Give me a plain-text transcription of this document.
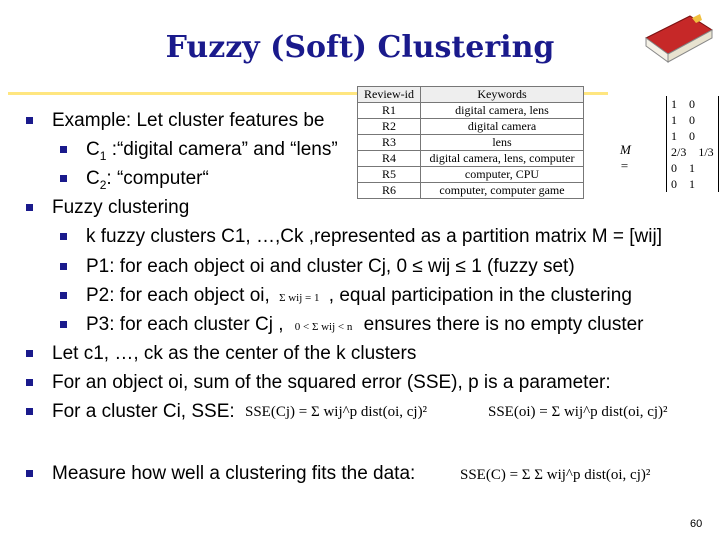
Fuzzy (Soft) Clustering
Example: Let cluster features be
$C_1$ :“digital camera” and “lens”
$C_2$: “computer“
Review-id	Keywords
R1	digital camera, lens
R2	digital camera
R3	lens
R4	digital camera, lens, computer
R5	computer, CPU
R6	computer, computer game
M =
1 0
1 0
1 0
2/3 1/3
0 1
0 1
Fuzzy clustering
k fuzzy clusters C1, …,Ck ,represented as a partition matrix M = [wij]
P1: for each object oi and cluster Cj, 0 ≤ wij ≤ 1 (fuzzy set)
P2: for each object oi, Σ wij = 1 , equal participation in the clustering
P3: for each cluster Cj , 0 < Σ wij < n ensures there is no empty cluster
Let c1, …, ck as the center of the k clusters
For an object oi, sum of the squared error (SSE), p is a parameter:
For a cluster Ci, SSE: SSE(Cj) = Σ wij^p dist(oi, cj)²	SSE(oi) = Σ wij^p dist(oi, cj)²
Measure how well a clustering fits the data:	SSE(C) = Σ Σ wij^p dist(oi, cj)²
60
